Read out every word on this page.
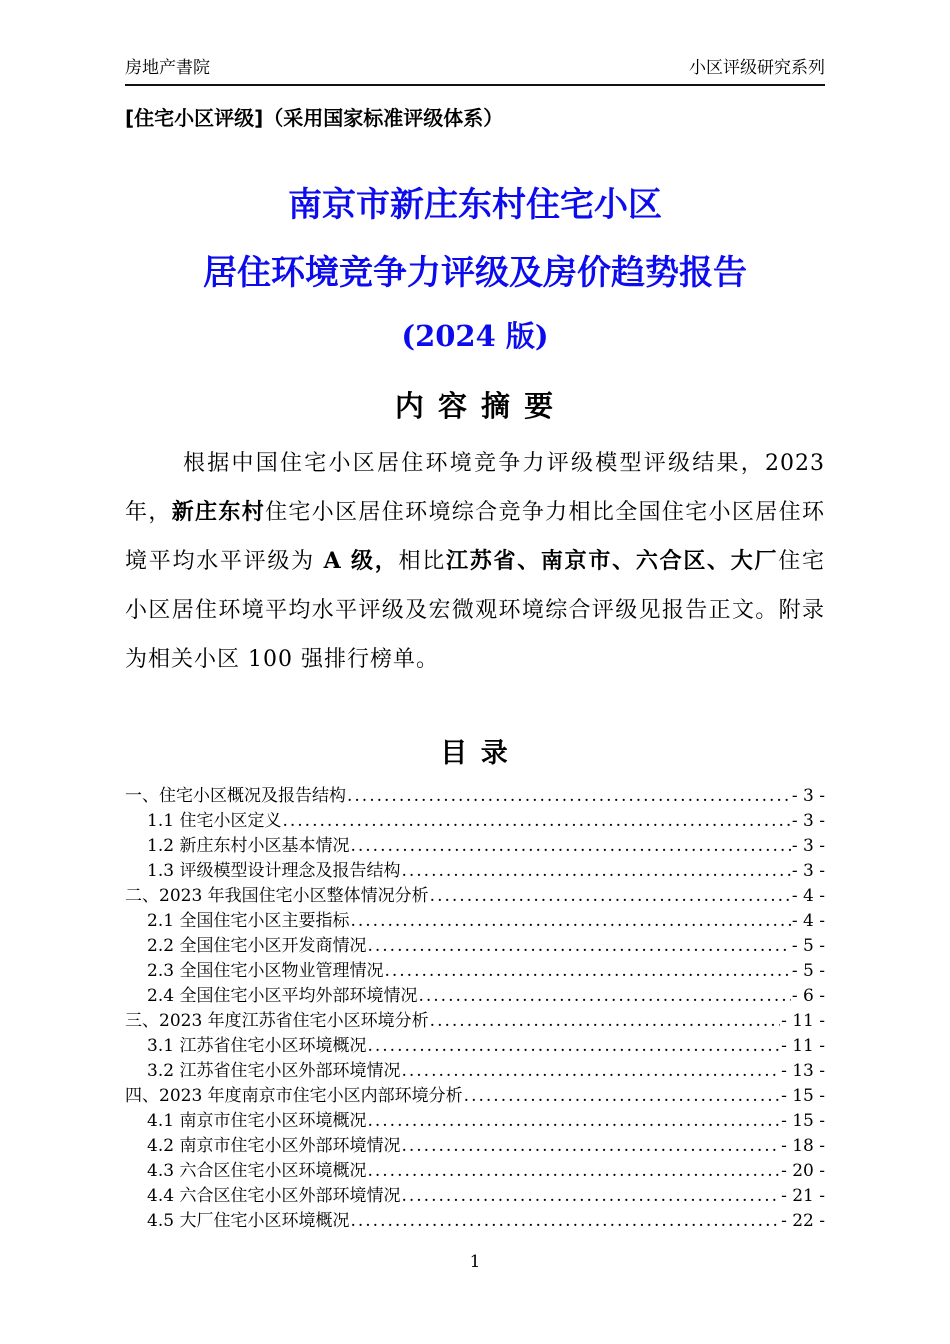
房地产書院	小区评级研究系列
[住宅小区评级]（采用国家标准评级体系）
南京市新庄东村住宅小区
居住环境竞争力评级及房价趋势报告
(2024 版)
内 容 摘 要

根据中国住宅小区居住环境竞争力评级模型评级结果，2023 年，新庄东村住宅小区居住环境综合竞争力相比全国住宅小区居住环境平均水平评级为 A 级，相比江苏省、南京市、六合区、大厂住宅小区居住环境平均水平评级及宏微观环境综合评级见报告正文。附录为相关小区 100 强排行榜单。

目 录
一、住宅小区概况及报告结构 .....	- 3 -
1.1 住宅小区定义 .....	- 3 -
1.2 新庄东村小区基本情况 .....	- 3 -
1.3 评级模型设计理念及报告结构 .....	- 3 -
二、2023 年我国住宅小区整体情况分析 .....	- 4 -
2.1 全国住宅小区主要指标 .....	- 4 -
2.2 全国住宅小区开发商情况 .....	- 5 -
2.3 全国住宅小区物业管理情况 .....	- 5 -
2.4 全国住宅小区平均外部环境情况 .....	- 6 -
三、2023 年度江苏省住宅小区环境分析 .....	- 11 -
3.1 江苏省住宅小区环境概况 .....	- 11 -
3.2 江苏省住宅小区外部环境情况 .....	- 13 -
四、2023 年度南京市住宅小区内部环境分析 .....	- 15 -
4.1 南京市住宅小区环境概况 .....	- 15 -
4.2 南京市住宅小区外部环境情况 .....	- 18 -
4.3 六合区住宅小区环境概况 .....	- 20 -
4.4 六合区住宅小区外部环境情况 .....	- 21 -
4.5 大厂住宅小区环境概况 .....	- 22 -
1
